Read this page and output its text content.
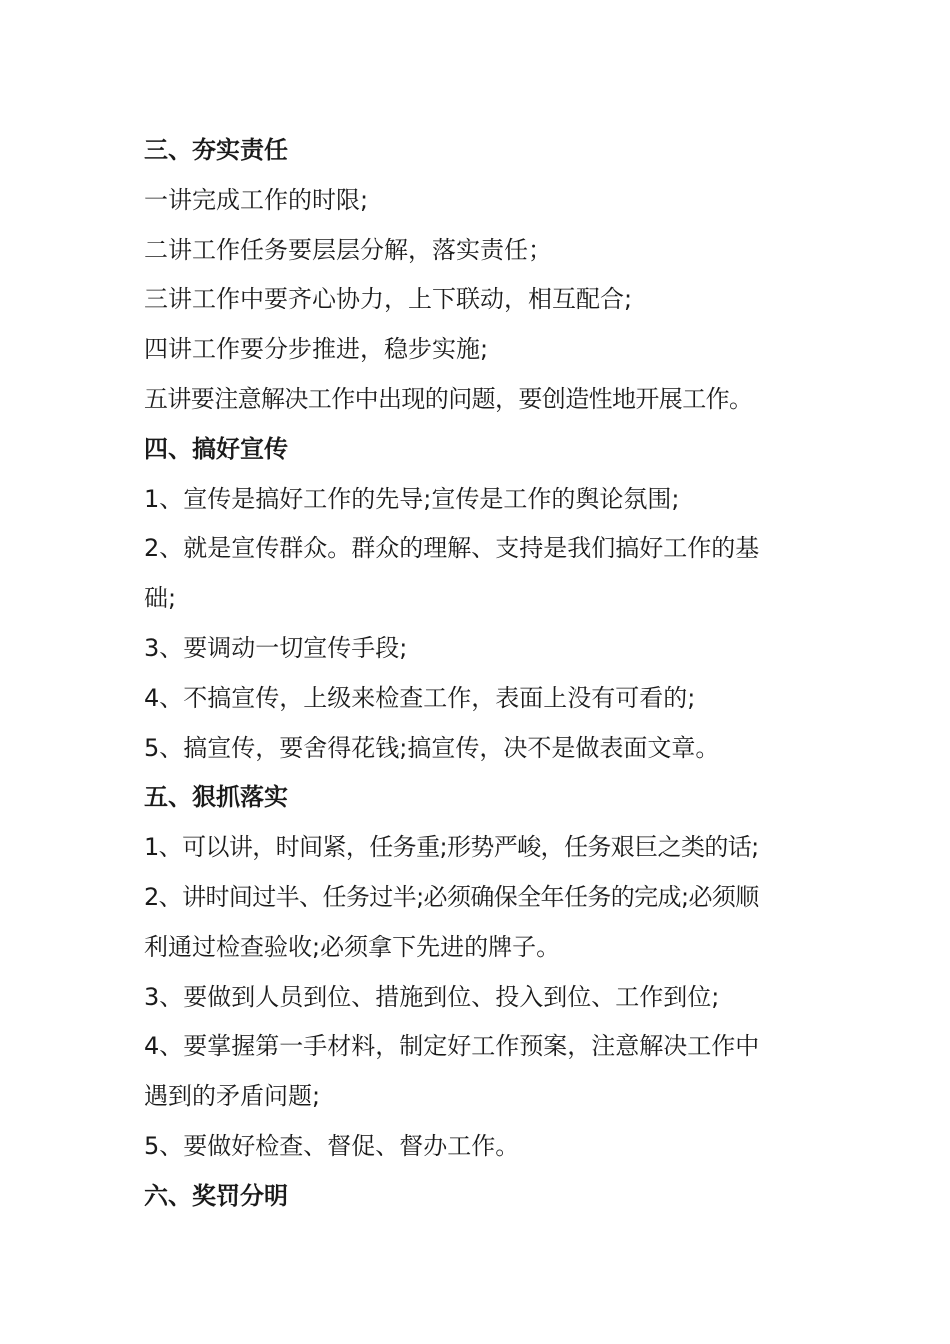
三、夯实责任
一讲完成工作的时限;
二讲工作任务要层层分解，落实责任；
三讲工作中要齐心协力，上下联动，相互配合;
四讲工作要分步推进，稳步实施;
五讲要注意解决工作中出现的问题，要创造性地开展工作。
四、搞好宣传
1、宣传是搞好工作的先导;宣传是工作的舆论氛围;
2、就是宣传群众。群众的理解、支持是我们搞好工作的基
础;
3、要调动一切宣传手段;
4、不搞宣传，上级来检查工作，表面上没有可看的;
5、搞宣传，要舍得花钱;搞宣传，决不是做表面文章。
五、狠抓落实
1、可以讲，时间紧，任务重;形势严峻，任务艰巨之类的话;
2、讲时间过半、任务过半;必须确保全年任务的完成;必须顺
利通过检查验收;必须拿下先进的牌子。
3、要做到人员到位、措施到位、投入到位、工作到位;
4、要掌握第一手材料，制定好工作预案，注意解决工作中
遇到的矛盾问题;
5、要做好检查、督促、督办工作。
六、奖罚分明
